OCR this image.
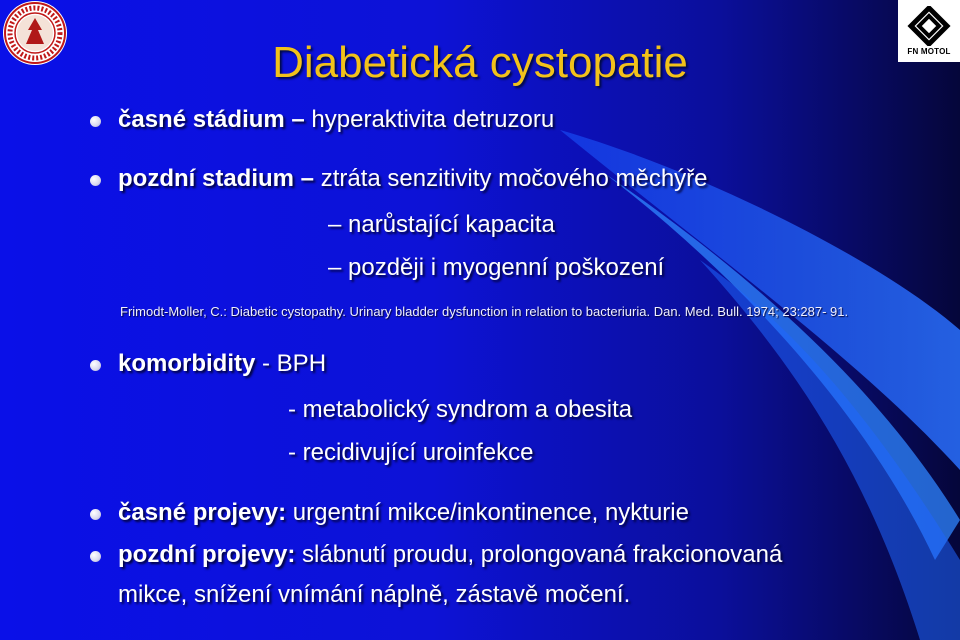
FN MOTOL
Diabetická cystopatie
časné stádium – hyperaktivita detruzoru
pozdní stadium – ztráta senzitivity močového měchýře
– narůstající kapacita
– později i myogenní poškození
Frimodt-Moller, C.: Diabetic cystopathy. Urinary bladder dysfunction in relation to bacteriuria. Dan. Med. Bull. 1974; 23:287- 91.
komorbidity - BPH
- metabolický syndrom a obesita
- recidivující uroinfekce
časné projevy: urgentní mikce/inkontinence, nykturie
pozdní projevy: slábnutí proudu, prolongovaná frakcionovaná
mikce, snížení vnímání náplně, zástavě močení.
